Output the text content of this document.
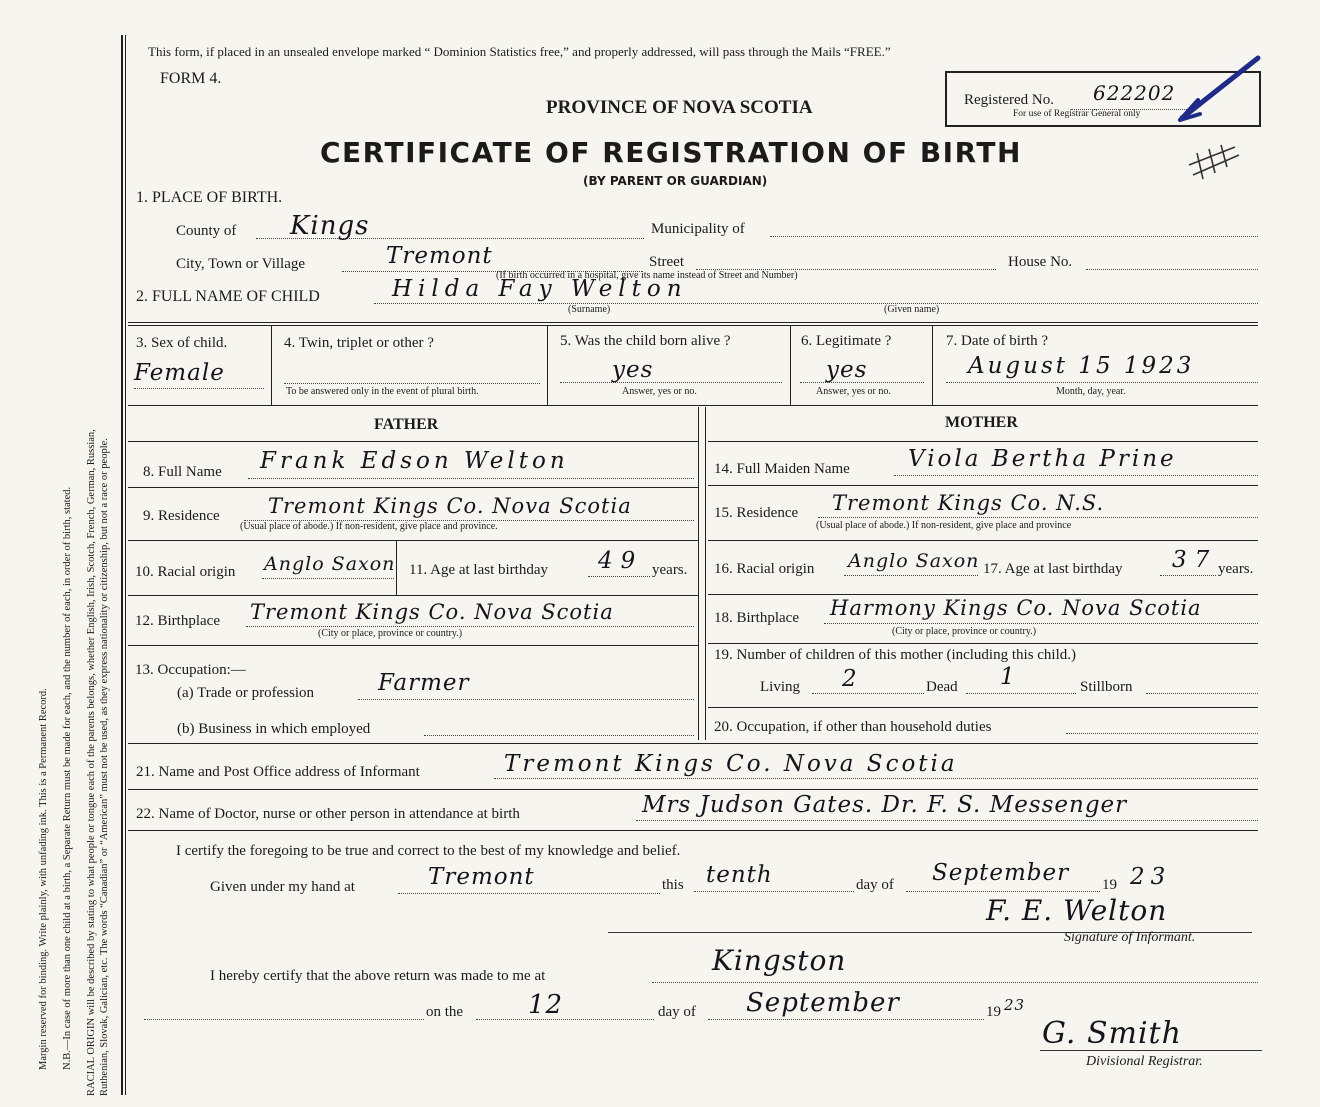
Margin reserved for binding. Write plainly, with unfading ink. This is a Permanent Record. N.B.—In case of more than one child at a birth, a Separate Return must be made for each, and the number of each, in order of birth, stated. RACIAL ORIGIN will be described by stating to what people or tongue each of the parents belongs, whether English, Irish, Scotch, French, German, Russian, Ruthenian, Slovak, Galician, etc. The words “Canadian” or “American” must not be used, as they express nationality or citizenship, but not a race or people.
This form, if placed in an unsealed envelope marked “ Dominion Statistics free,” and properly addressed, will pass through the Mails “FREE.”
FORM 4.
PROVINCE OF NOVA SCOTIA
CERTIFICATE OF REGISTRATION OF BIRTH
(BY PARENT OR GUARDIAN)
Registered No. 622202
For use of Registrar General only
1. PLACE OF BIRTH.
County of Kings	Municipality of
City, Town or Village	Tremont	Street	House No.
(If birth occurred in a hospital, give its name instead of Street and Number)
2. FULL NAME OF CHILD	Hilda Fay Welton
(Surname)	(Given name)
3. Sex of child.
Female
4. Twin, triplet or other ?
To be answered only in the event of plural birth.
5. Was the child born alive ?
yes
Answer, yes or no.
6. Legitimate ?
yes
Answer, yes or no.
7. Date of birth ?
August 15 1923
Month, day, year.
FATHER	MOTHER
8. Full Name Frank Edson Welton
9. Residence Tremont Kings Co. Nova Scotia
(Usual place of abode.) If non-resident, give place and province.
10. Racial origin Anglo Saxon 11. Age at last birthday 49 years.
12. Birthplace Tremont Kings Co. Nova Scotia
(City or place, province or country.)
13. Occupation:—
(a) Trade or profession	Farmer
(b) Business in which employed
14. Full Maiden Name	Viola Bertha Prine
15. Residence Tremont Kings Co. N.S.
(Usual place of abode.) If non-resident, give place and province
16. Racial origin Anglo Saxon 17. Age at last birthday 37 years.
18. Birthplace Harmony Kings Co. Nova Scotia
(City or place, province or country.)
19. Number of children of this mother (including this child.)
Living 2	Dead 1	Stillborn
20. Occupation, if other than household duties
21. Name and Post Office address of Informant	Tremont Kings Co. Nova Scotia
22. Name of Doctor, nurse or other person in attendance at birth	Mrs Judson Gates. Dr. F. S. Messenger
I certify the foregoing to be true and correct to the best of my knowledge and belief.
Given under my hand at	Tremont	this tenth	day of September 19 23
F. E. Welton
Signature of Informant.
I hereby certify that the above return was made to me at	Kingston
on the 12	day of September	19 23
G. Smith
Divisional Registrar.
